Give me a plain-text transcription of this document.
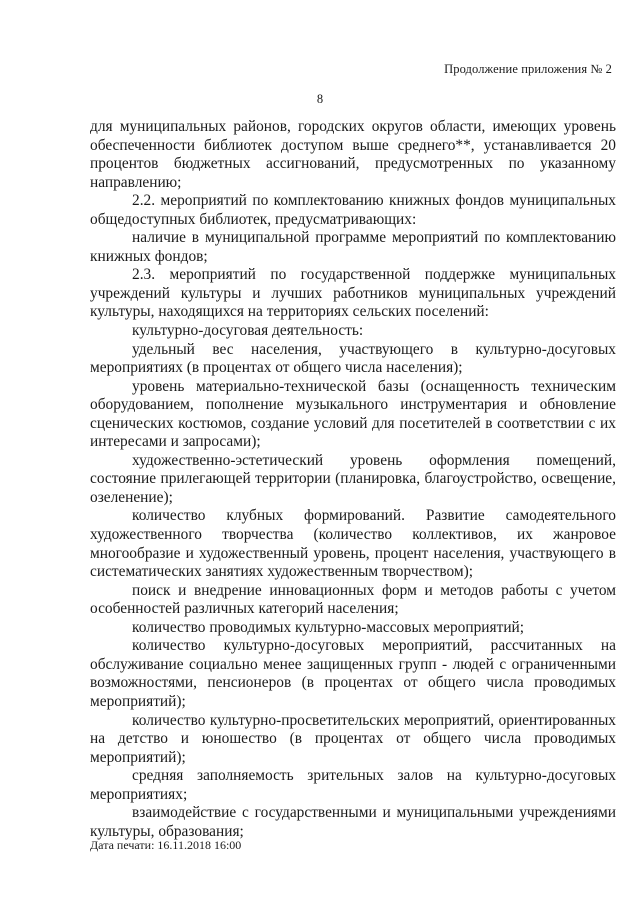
Продолжение приложения № 2
8

для муниципальных районов, городских округов области, имеющих уровень обеспеченности библиотек доступом выше среднего**, устанавливается 20 процентов бюджетных ассигнований, предусмотренных по указанному направлению;

2.2. мероприятий по комплектованию книжных фондов муниципальных общедоступных библиотек, предусматривающих:

наличие в муниципальной программе мероприятий по комплектованию книжных фондов;

2.3. мероприятий по государственной поддержке муниципальных учреждений культуры и лучших работников муниципальных учреждений культуры, находящихся на территориях сельских поселений:

культурно-досуговая деятельность:

удельный вес населения, участвующего в культурно-досуговых мероприятиях (в процентах от общего числа населения);

уровень материально-технической базы (оснащенность техническим оборудованием, пополнение музыкального инструментария и обновление сценических костюмов, создание условий для посетителей в соответствии с их интересами и запросами);

художественно-эстетический уровень оформления помещений, состояние прилегающей территории (планировка, благоустройство, освещение, озеленение);

количество клубных формирований. Развитие самодеятельного художественного творчества (количество коллективов, их жанровое многообразие и художественный уровень, процент населения, участвующего в систематических занятиях художественным творчеством);

поиск и внедрение инновационных форм и методов работы с учетом особенностей различных категорий населения;

количество проводимых культурно-массовых мероприятий;

количество культурно-досуговых мероприятий, рассчитанных на обслуживание социально менее защищенных групп - людей с ограниченными возможностями, пенсионеров (в процентах от общего числа проводимых мероприятий);

количество культурно-просветительских мероприятий, ориентированных на детство и юношество (в процентах от общего числа проводимых мероприятий);

средняя заполняемость зрительных залов на культурно-досуговых мероприятиях;

взаимодействие с государственными и муниципальными учреждениями культуры, образования;

Дата печати: 16.11.2018 16:00
